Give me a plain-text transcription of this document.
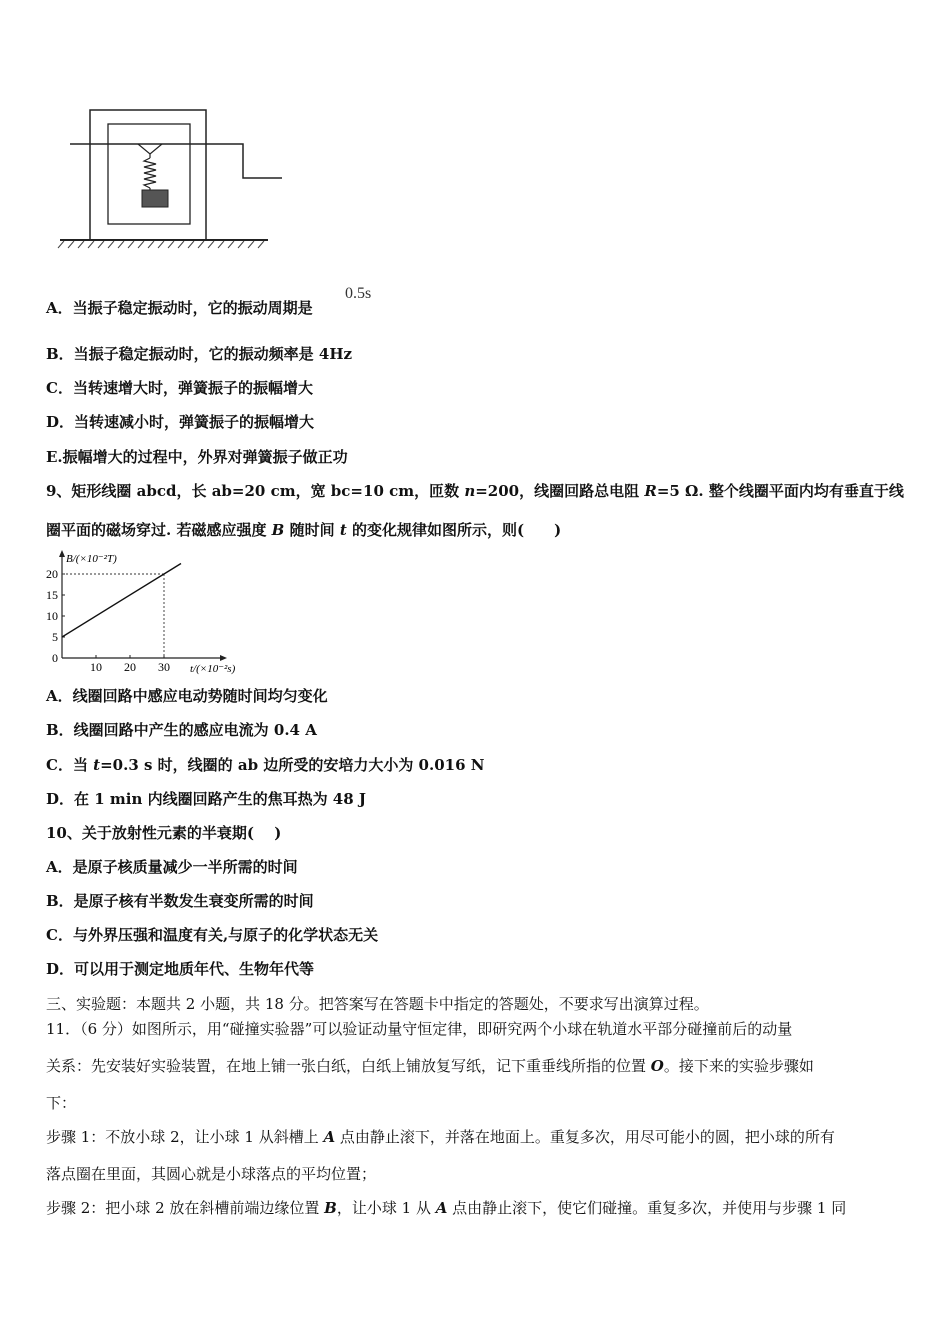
A．当振子稳定振动时，它的振动周期是
0.5s
B．当振子稳定振动时，它的振动频率是 4Hz
C．当转速增大时，弹簧振子的振幅增大
D．当转速减小时，弹簧振子的振幅增大
E.振幅增大的过程中，外界对弹簧振子做正功
9、矩形线圈 abcd，长 ab=20 cm，宽 bc=10 cm，匝数 n=200，线圈回路总电阻 R=5 Ω. 整个线圈平面内均有垂直于线
圈平面的磁场穿过. 若磁感应强度 B 随时间 t 的变化规律如图所示，则(　　)
B/(×10⁻²T)
t/(×10⁻²s)
10 20 30
0
5
10
15
20
A．线圈回路中感应电动势随时间均匀变化
B．线圈回路中产生的感应电流为 0.4 A
C．当 t=0.3 s 时，线圈的 ab 边所受的安培力大小为 0.016 N
D．在 1 min 内线圈回路产生的焦耳热为 48 J
10、关于放射性元素的半衰期(　 )
A．是原子核质量减少一半所需的时间
B．是原子核有半数发生衰变所需的时间
C．与外界压强和温度有关,与原子的化学状态无关
D．可以用于测定地质年代、生物年代等
三、实验题：本题共 2 小题，共 18 分。把答案写在答题卡中指定的答题处，不要求写出演算过程。
11．（6 分）如图所示，用“碰撞实验器”可以验证动量守恒定律，即研究两个小球在轨道水平部分碰撞前后的动量
关系：先安装好实验装置，在地上铺一张白纸，白纸上铺放复写纸，记下重垂线所指的位置 O。接下来的实验步骤如
下：
步骤 1：不放小球 2，让小球 1 从斜槽上 A 点由静止滚下，并落在地面上。重复多次，用尽可能小的圆，把小球的所有
落点圈在里面，其圆心就是小球落点的平均位置；
步骤 2：把小球 2 放在斜槽前端边缘位置 B，让小球 1 从 A 点由静止滚下，使它们碰撞。重复多次，并使用与步骤 1 同
